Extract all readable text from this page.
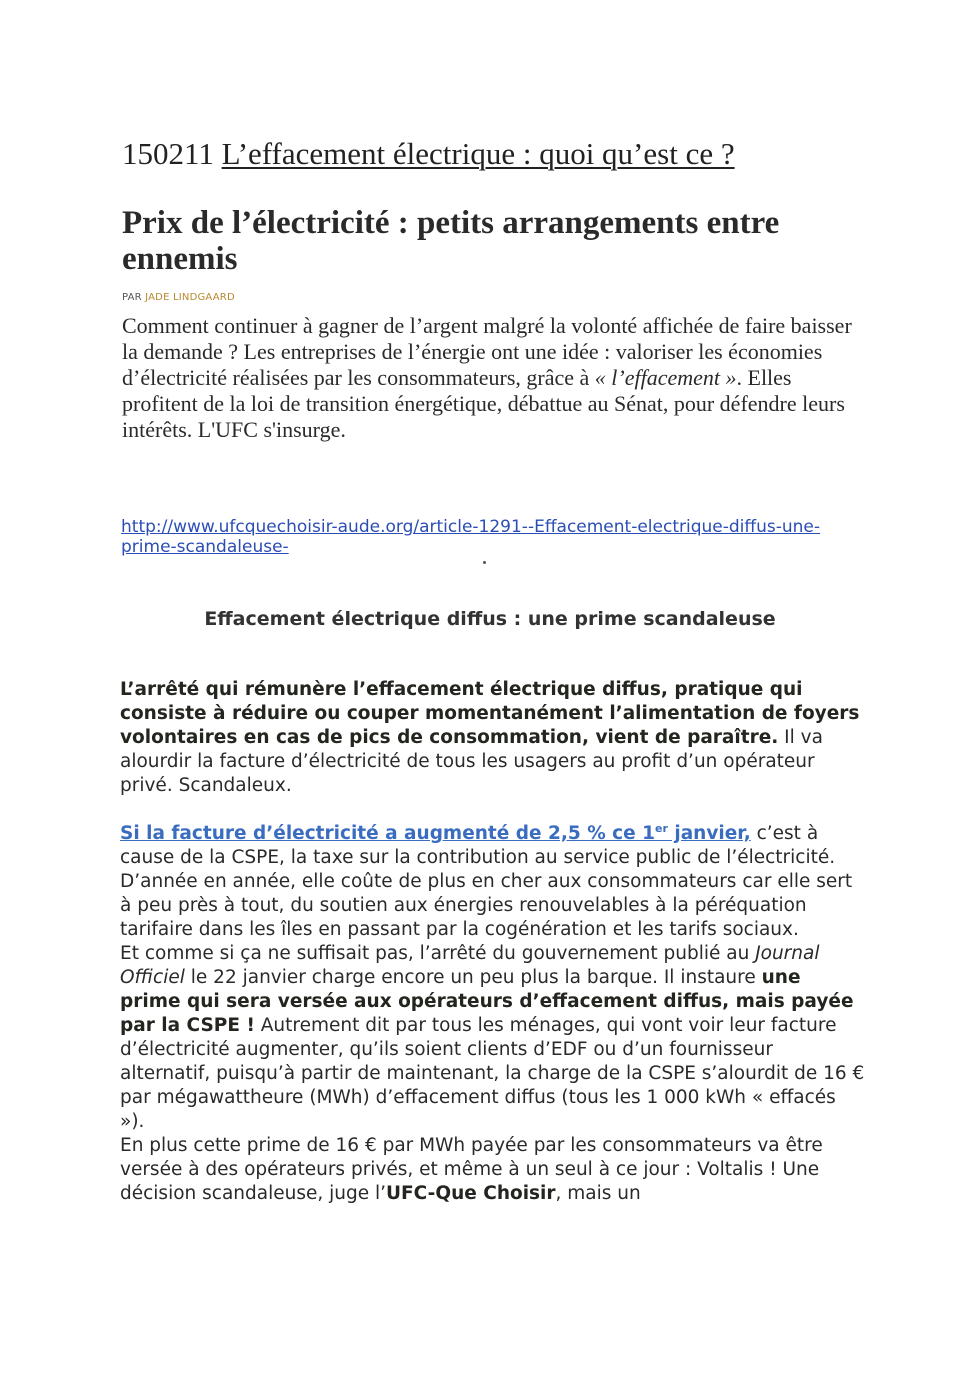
150211 L’effacement électrique : quoi qu’est ce ?
Prix de l’électricité : petits arrangements entre ennemis
PAR JADE LINDGAARD
Comment continuer à gagner de l’argent malgré la volonté affichée de faire baisser la demande ? Les entreprises de l’énergie ont une idée : valoriser les économies d’électricité réalisées par les consommateurs, grâce à « l’effacement ». Elles profitent de la loi de transition énergétique, débattue au Sénat, pour défendre leurs intérêts. L'UFC s'insurge.
http://www.ufcquechoisir-aude.org/article-1291--Effacement-electrique-diffus-une-prime-scandaleuse-
Effacement électrique diffus : une prime scandaleuse
L’arrêté qui rémunère l’effacement électrique diffus, pratique qui consiste à réduire ou couper momentanément l’alimentation de foyers volontaires en cas de pics de consommation, vient de paraître. Il va alourdir la facture d’électricité de tous les usagers au profit d’un opérateur privé. Scandaleux.
Si la facture d’électricité a augmenté de 2,5 % ce 1er janvier, c’est à cause de la CSPE, la taxe sur la contribution au service public de l’électricité. D’année en année, elle coûte de plus en cher aux consommateurs car elle sert à peu près à tout, du soutien aux énergies renouvelables à la péréquation tarifaire dans les îles en passant par la cogénération et les tarifs sociaux.
Et comme si ça ne suffisait pas, l’arrêté du gouvernement publié au Journal Officiel le 22 janvier charge encore un peu plus la barque. Il instaure une prime qui sera versée aux opérateurs d’effacement diffus, mais payée par la CSPE ! Autrement dit par tous les ménages, qui vont voir leur facture d’électricité augmenter, qu’ils soient clients d’EDF ou d’un fournisseur alternatif, puisqu’à partir de maintenant, la charge de la CSPE s’alourdit de 16 € par mégawattheure (MWh) d’effacement diffus (tous les 1 000 kWh « effacés »).
En plus cette prime de 16 € par MWh payée par les consommateurs va être versée à des opérateurs privés, et même à un seul à ce jour : Voltalis ! Une décision scandaleuse, juge l’UFC-Que Choisir, mais un
